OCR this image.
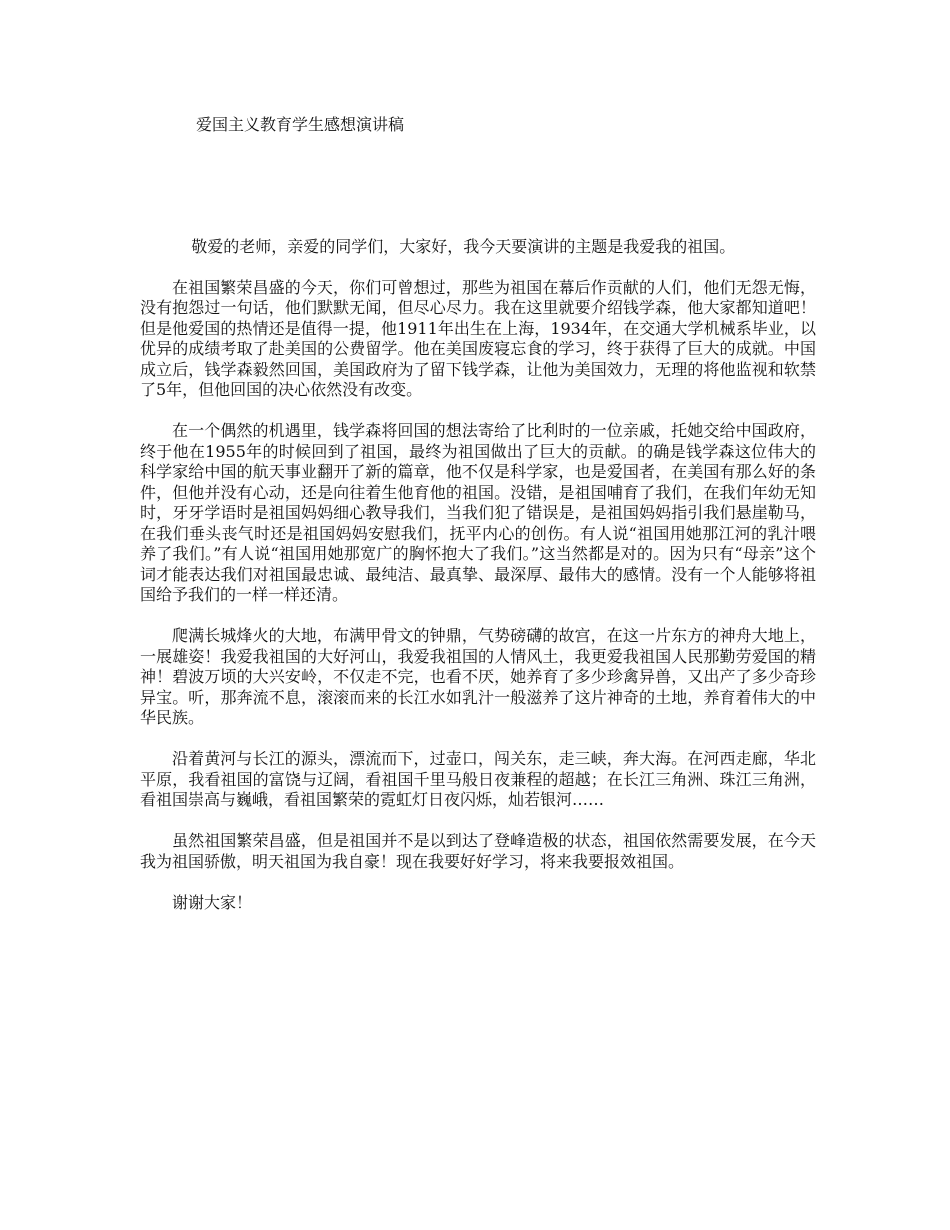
爱国主义教育学生感想演讲稿

敬爱的老师，亲爱的同学们，大家好，我今天要演讲的主题是我爱我的祖国。

在祖国繁荣昌盛的今天，你们可曾想过，那些为祖国在幕后作贡献的人们，他们无怨无悔，没有抱怨过一句话，他们默默无闻，但尽心尽力。我在这里就要介绍钱学森，他大家都知道吧！但是他爱国的热情还是值得一提，他1911年出生在上海，1934年，在交通大学机械系毕业，以优异的成绩考取了赴美国的公费留学。他在美国废寝忘食的学习，终于获得了巨大的成就。中国成立后，钱学森毅然回国，美国政府为了留下钱学森，让他为美国效力，无理的将他监视和软禁了5年，但他回国的决心依然没有改变。

在一个偶然的机遇里，钱学森将回国的想法寄给了比利时的一位亲戚，托她交给中国政府，终于他在1955年的时候回到了祖国，最终为祖国做出了巨大的贡献。的确是钱学森这位伟大的科学家给中国的航天事业翻开了新的篇章，他不仅是科学家，也是爱国者，在美国有那么好的条件，但他并没有心动，还是向往着生他育他的祖国。没错，是祖国哺育了我们，在我们年幼无知时，牙牙学语时是祖国妈妈细心教导我们，当我们犯了错误是，是祖国妈妈指引我们悬崖勒马，在我们垂头丧气时还是祖国妈妈安慰我们，抚平内心的创伤。有人说“祖国用她那江河的乳汁喂养了我们。”有人说“祖国用她那宽广的胸怀抱大了我们。”这当然都是对的。因为只有“母亲”这个词才能表达我们对祖国最忠诚、最纯洁、最真挚、最深厚、最伟大的感情。没有一个人能够将祖国给予我们的一样一样还清。

爬满长城烽火的大地，布满甲骨文的钟鼎，气势磅礴的故宫，在这一片东方的神舟大地上，一展雄姿！我爱我祖国的大好河山，我爱我祖国的人情风土，我更爱我祖国人民那勤劳爱国的精神！碧波万顷的大兴安岭，不仅走不完，也看不厌，她养育了多少珍禽异兽，又出产了多少奇珍异宝。听，那奔流不息，滚滚而来的长江水如乳汁一般滋养了这片神奇的土地，养育着伟大的中华民族。

沿着黄河与长江的源头，漂流而下，过壶口，闯关东，走三峡，奔大海。在河西走廊，华北平原，我看祖国的富饶与辽阔，看祖国千里马般日夜兼程的超越；在长江三角洲、珠江三角洲，看祖国崇高与巍峨，看祖国繁荣的霓虹灯日夜闪烁，灿若银河……

虽然祖国繁荣昌盛，但是祖国并不是以到达了登峰造极的状态，祖国依然需要发展，在今天我为祖国骄傲，明天祖国为我自豪！现在我要好好学习，将来我要报效祖国。

谢谢大家！
